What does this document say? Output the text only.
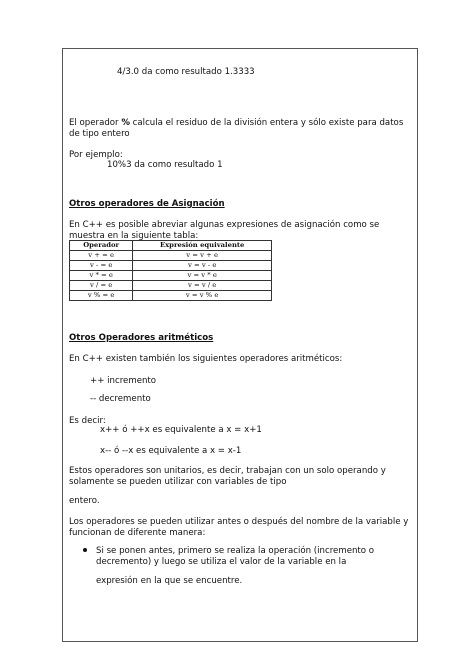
4/3.0 da como resultado 1.3333
El operador % calcula el residuo de la división entera y sólo existe para datos de tipo entero
Por ejemplo:
10%3 da como resultado 1
Otros operadores de Asignación
En C++ es posible abreviar algunas expresiones de asignación como se muestra en la siguiente tabla:
Operador	Expresión equivalente
v + = e	v = v + e
v - = e	v = v - e
v * = e	v = v * e
v / = e	v = v / e
v % = e	v = v % e
Otros Operadores aritméticos
En C++ existen también los siguientes operadores aritméticos:
++ incremento
-- decremento
Es decir:
x++ ó ++x es equivalente a x = x+1
x-- ó --x es equivalente a x = x-1
Estos operadores son unitarios, es decir, trabajan con un solo operando y solamente se pueden utilizar con variables de tipo
entero.
Los operadores se pueden utilizar antes o después del nombre de la variable y funcionan de diferente manera:
Si se ponen antes, primero se realiza la operación (incremento o decremento) y luego se utiliza el valor de la variable en la
expresión en la que se encuentre.
